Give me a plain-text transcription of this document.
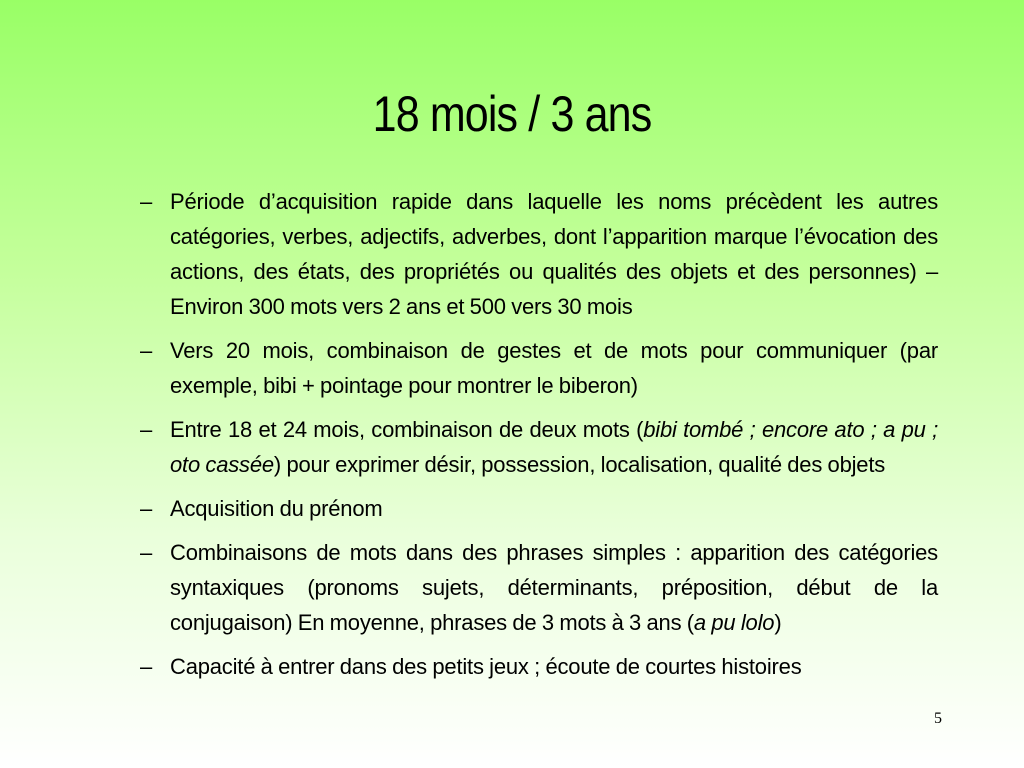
18 mois / 3 ans
– Période d’acquisition rapide dans laquelle les noms précèdent les autres catégories, verbes, adjectifs, adverbes, dont l’apparition marque l’évocation des actions, des états, des propriétés ou qualités des objets et des personnes) – Environ 300 mots vers 2 ans et 500 vers 30 mois
– Vers 20 mois, combinaison de gestes et de mots pour communiquer (par exemple, bibi + pointage pour montrer le biberon)
– Entre 18 et 24 mois, combinaison de deux mots (bibi tombé ; encore ato ; a pu ; oto cassée) pour exprimer désir, possession, localisation, qualité des objets
– Acquisition du prénom
– Combinaisons de mots dans des phrases simples : apparition des catégories syntaxiques (pronoms sujets, déterminants, préposition, début de la conjugaison) En moyenne, phrases de 3 mots à 3 ans (a pu lolo)
– Capacité à entrer dans des petits jeux ; écoute de courtes histoires
5
